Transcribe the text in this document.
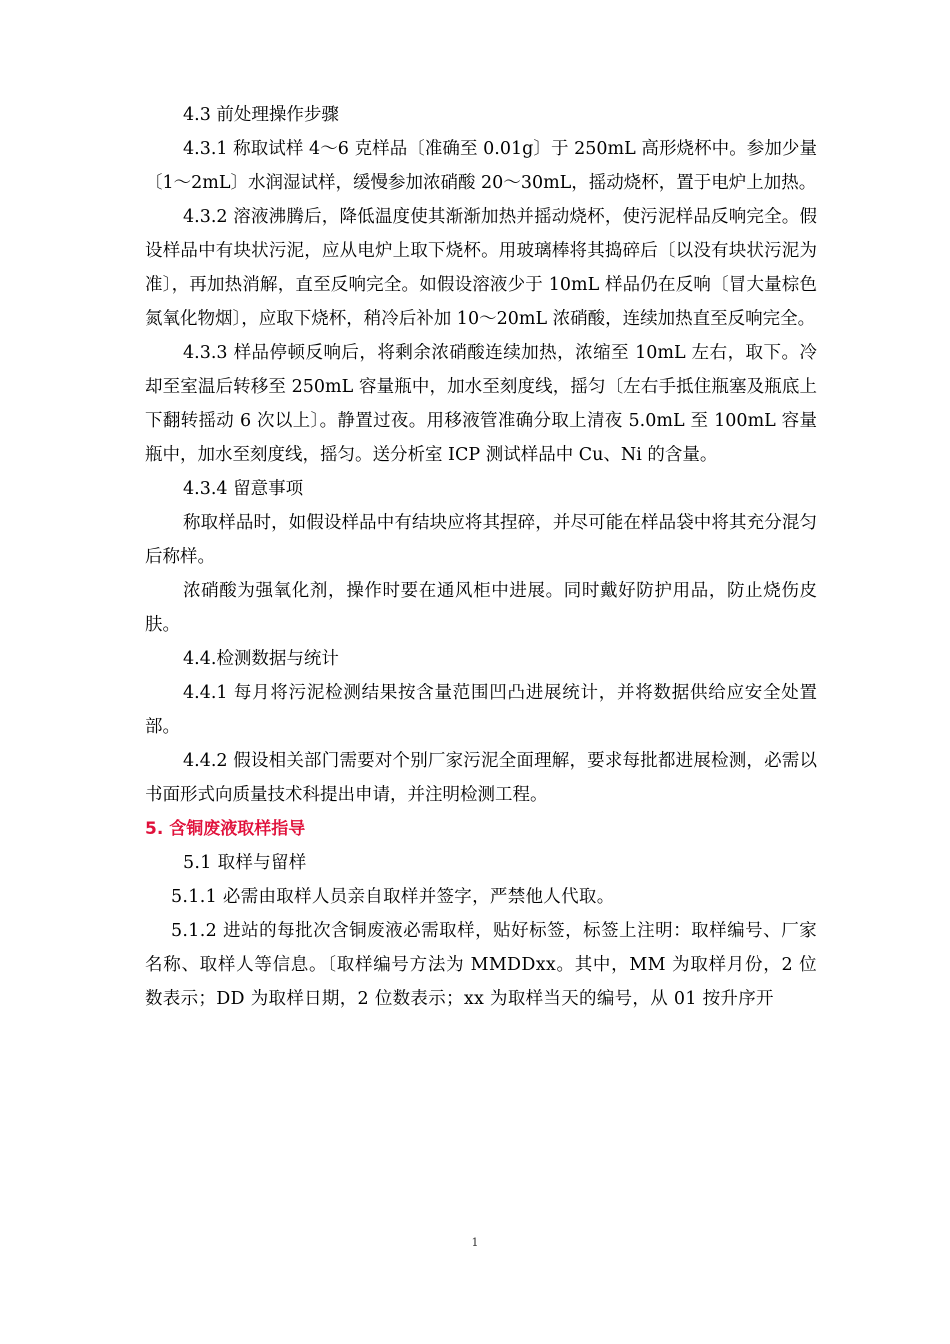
4.3 前处理操作步骤

4.3.1 称取试样 4～6 克样品〔准确至 0.01g〕于 250mL 高形烧杯中。参加少量〔1～2mL〕水润湿试样，缓慢参加浓硝酸 20～30mL，摇动烧杯，置于电炉上加热。

4.3.2 溶液沸腾后，降低温度使其渐渐加热并摇动烧杯，使污泥样品反响完全。假设样品中有块状污泥，应从电炉上取下烧杯。用玻璃棒将其捣碎后〔以没有块状污泥为准〕，再加热消解，直至反响完全。如假设溶液少于 10mL 样品仍在反响〔冒大量棕色氮氧化物烟〕，应取下烧杯，稍冷后补加 10～20mL 浓硝酸，连续加热直至反响完全。

4.3.3 样品停顿反响后，将剩余浓硝酸连续加热，浓缩至 10mL 左右，取下。冷却至室温后转移至 250mL 容量瓶中，加水至刻度线，摇匀〔左右手抵住瓶塞及瓶底上下翻转摇动 6 次以上〕。静置过夜。用移液管准确分取上清夜 5.0mL 至 100mL 容量瓶中，加水至刻度线，摇匀。送分析室 ICP 测试样品中 Cu、Ni 的含量。

4.3.4 留意事项

称取样品时，如假设样品中有结块应将其捏碎，并尽可能在样品袋中将其充分混匀后称样。

浓硝酸为强氧化剂，操作时要在通风柜中进展。同时戴好防护用品，防止烧伤皮肤。

4.4.检测数据与统计

4.4.1 每月将污泥检测结果按含量范围凹凸进展统计，并将数据供给应安全处置部。

4.4.2 假设相关部门需要对个别厂家污泥全面理解，要求每批都进展检测，必需以书面形式向质量技术科提出申请，并注明检测工程。

5. 含铜废液取样指导

5.1 取样与留样

5.1.1 必需由取样人员亲自取样并签字，严禁他人代取。

5.1.2 进站的每批次含铜废液必需取样，贴好标签，标签上注明：取样编号、厂家名称、取样人等信息。〔取样编号方法为 MMDDxx。其中，MM 为取样月份，2 位数表示；DD 为取样日期，2 位数表示；xx 为取样当天的编号，从 01 按升序开

1
